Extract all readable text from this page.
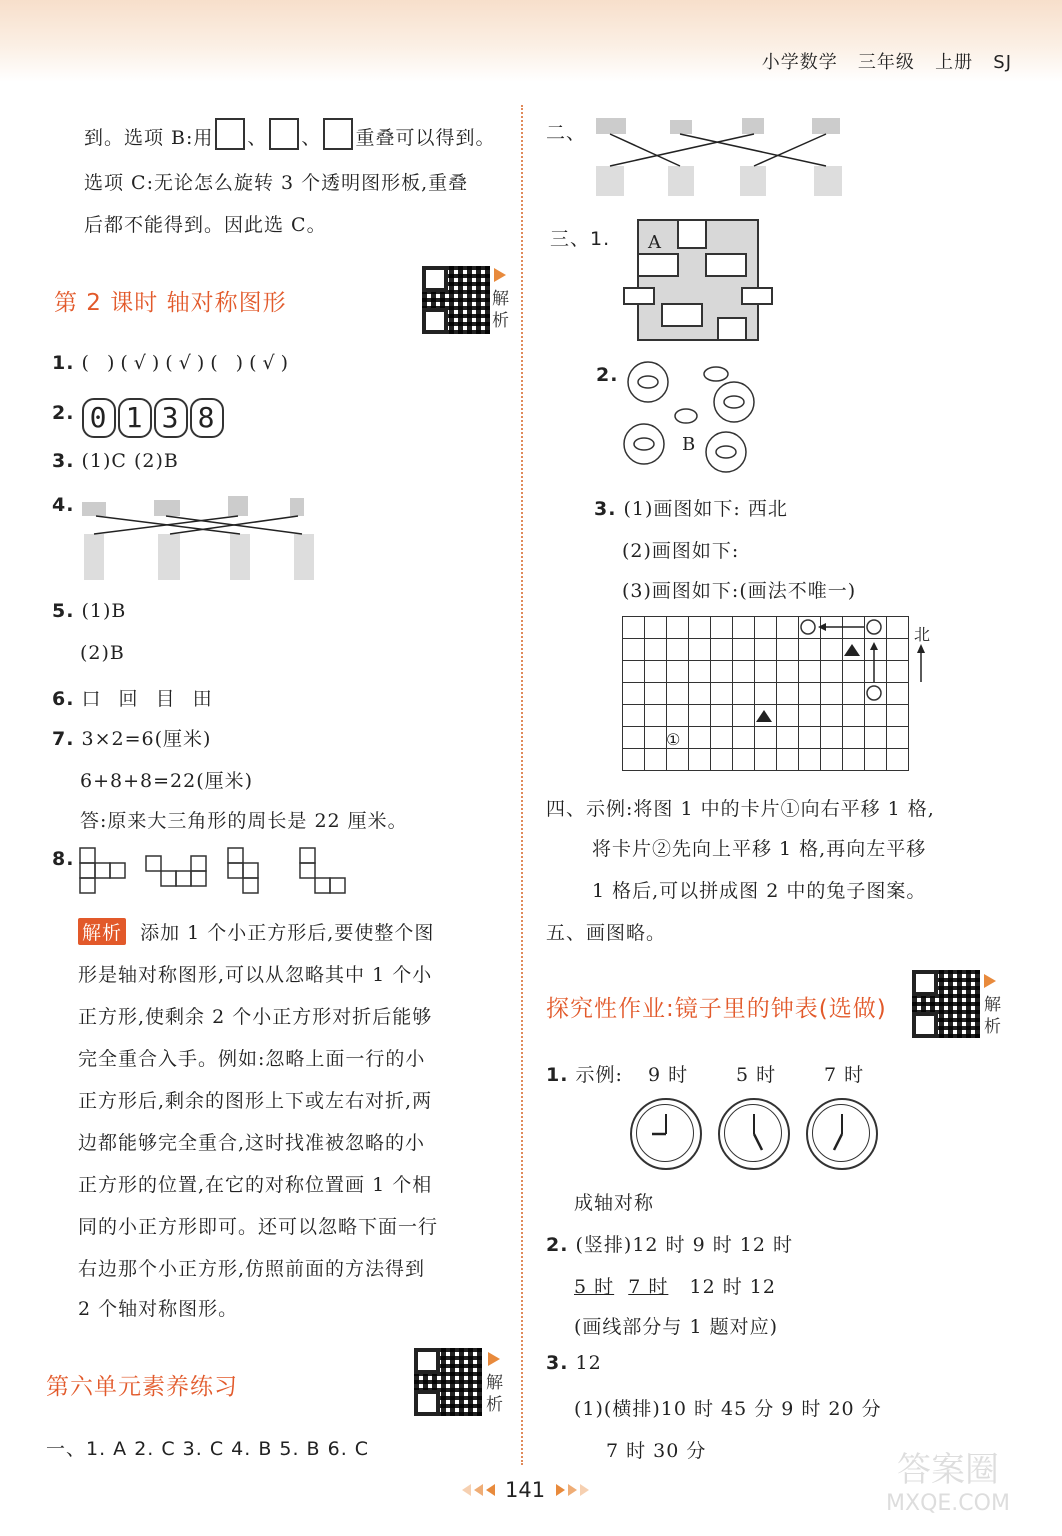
小学数学 三年级 上册 SJ
到。选项 B:用 、 、 重叠可以得到。
选项 C:无论怎么旋转 3 个透明图形板,重叠
后都不能得到。因此选 C。
第 2 课时 轴对称图形	解析
1. ( )(√)(√)( )(√)
2. 0 1 3 8
3. (1)C (2)B
4.
5. (1)B
(2)B
6. 口 回 目 田
7. 3×2=6(厘米)
6+8+8=22(厘米)
答:原来大三角形的周长是 22 厘米。
8.
解析 添加 1 个小正方形后,要使整个图
形是轴对称图形,可以从忽略其中 1 个小
正方形,使剩余 2 个小正方形对折后能够
完全重合入手。例如:忽略上面一行的小
正方形后,剩余的图形上下或左右对折,两
边都能够完全重合,这时找准被忽略的小
正方形的位置,在它的对称位置画 1 个相
同的小正方形即可。还可以忽略下面一行
右边那个小正方形,仿照前面的方法得到
2 个轴对称图形。
第六单元素养练习	解析
一、1. A 2. C 3. C 4. B 5. B 6. C
二、
三、1. A
2.
B
3. (1)画图如下: 西北
(2)画图如下:
(3)画图如下:(画法不唯一)
①
北
四、示例:将图 1 中的卡片①向右平移 1 格,
将卡片②先向上平移 1 格,再向左平移
1 格后,可以拼成图 2 中的兔子图案。
五、画图略。
探究性作业:镜子里的钟表(选做)	解析
1. 示例: 9 时	5 时	7 时
成轴对称
2. (竖排)12 时 9 时 12 时
5 时 7 时 12 时 12
(画线部分与 1 题对应)
3. 12
(1)(横排)10 时 45 分 9 时 20 分
7 时 30 分
141	答案圈
MXQE.COM
